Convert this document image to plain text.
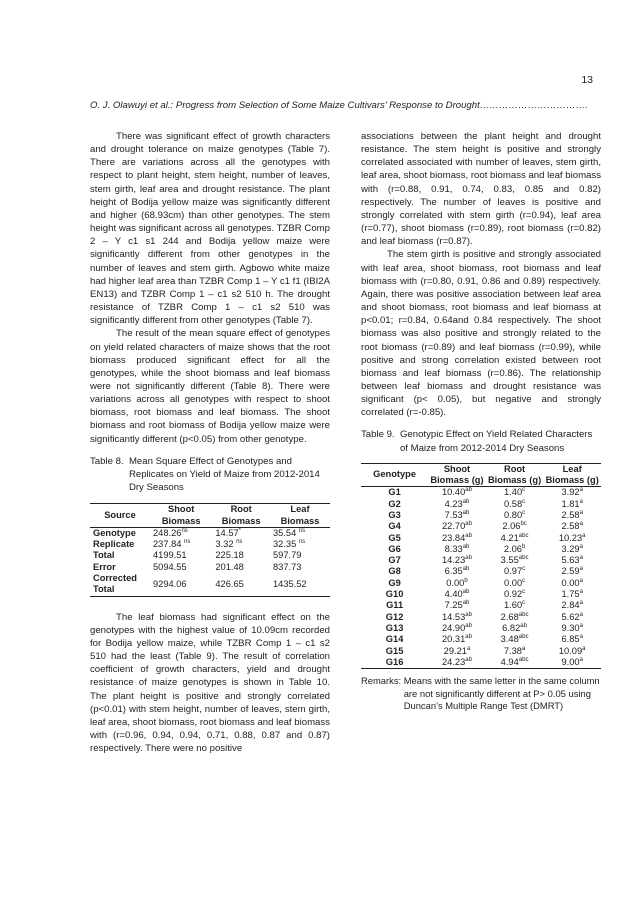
13
O. J. Olawuyi et al.: Progress from Selection of Some Maize Cultivars’ Response to Drought…………………………….

There was significant effect of growth characters and drought tolerance on maize genotypes (Table 7). There are variations across all the genotypes with respect to plant height, stem height, number of leaves, stem girth, leaf area and drought resistance. The plant height of Bodija yellow maize was significantly different and higher (68.93cm) than other genotypes. The stem height was significant across all genotypes. TZBR Comp 2 – Y c1 s1 244 and Bodija yellow maize were significantly different from other genotypes in the number of leaves and stem girth. Agbowo white maize had higher leaf area than TZBR Comp 1 – Y c1 f1 (IBI2A EN13) and TZBR Comp 1 – c1 s2 510 h. The drought resistance of TZBR Comp 1 – c1 s2 510 was significantly different from other genotypes (Table 7).

The result of the mean square effect of genotypes on yield related characters of maize shows that the root biomass produced significant effect for all the genotypes, while the shoot biomass and leaf biomass were not significantly different (Table 8). There were variations across all genotypes with respect to shoot biomass, root biomass and leaf biomass. The shoot biomass and root biomass of Bodija yellow maize were significantly different (p<0.05) from other genotype.

Table 8. Mean Square Effect of Genotypes and Replicates on Yield of Maize from 2012-2014 Dry Seasons
Source	Shoot Biomass	Root Biomass	Leaf Biomass
Genotype	$248.26^{ns}$	14.57*	35.54 $^{ns}$
Replicate	237.84 $^{ns}$	3.32 $^{ns}$	32.35 $^{ns}$
Total	4199.51	225.18	597.79
Error	5094.55	201.48	837.73
Corrected Total	9294.06	426.65	1435.52

The leaf biomass had significant effect on the genotypes with the highest value of 10.09cm recorded for Bodija yellow maize, while TZBR Comp 1 – c1 s2 510 had the least (Table 9). The result of correlation coefficient of growth characters, yield and drought resistance of maize genotypes is shown in Table 10. The plant height is positive and strongly correlated (p<0.01) with stem height, number of leaves, stem girth, leaf area, shoot biomass, root biomass and leaf biomass with (r=0.96, 0.94, 0.94, 0.71, 0.88, 0.87 and 0.87) respectively. There were no positive

associations between the plant height and drought resistance. The stem height is positive and strongly correlated associated with number of leaves, stem girth, leaf area, shoot biomass, root biomass and leaf biomass with (r=0.88, 0.91, 0.74, 0.83, 0.85 and 0.82) respectively. The number of leaves is positive and strongly correlated with stem girth (r=0.94), leaf area (r=0.77), shoot biomass (r=0.89), root biomass (r=0.82) and leaf biomass (r=0.87).

The stem girth is positive and strongly associated with leaf area, shoot biomass, root biomass and leaf biomass with (r=0.80, 0.91, 0.86 and 0.89) respectively. Again, there was positive association between leaf area and shoot biomass, root biomass and leaf biomass at p<0.01; r=0.84, 0.64and 0.84 respectively. The shoot biomass was also positive and strongly related to the root biomass (r=0.89) and leaf biomass (r=0.99), while positive and strong correlation existed between root biomass and leaf biomass (r=0.86). The relationship between leaf biomass and drought resistance was significant (p< 0.05), but negative and strongly correlated (r=-0.85).

Table 9. Genotypic Effect on Yield Related Characters of Maize from 2012-2014 Dry Seasons
Genotype	Shoot Biomass (g)	Root Biomass (g)	Leaf Biomass (g)
G1	10.40$^{ab}$	1.40$^c$	3.92$^a$
G2	4.23$^{ab}$	0.58$^c$	1.81$^a$
G3	7.53$^{ab}$	0.80$^c$	2.58$^a$
G4	22.70$^{ab}$	2.06$^{bc}$	2.58$^a$
G5	23.84$^{ab}$	4.21$^{abc}$	10.23$^a$
G6	8.33$^{ab}$	2.06$^b$	3.29$^a$
G7	14.23$^{ab}$	3.55$^{abc}$	5.63$^a$
G8	6.35$^{ab}$	0.97$^c$	2.59$^a$
G9	0.00$^b$	0.00$^c$	0.00$^a$
G10	4.40$^{ab}$	0.92$^c$	1.75$^a$
G11	7.25$^{ab}$	1.60$^c$	2.84$^a$
G12	14.53$^{ab}$	2.68$^{abc}$	5.62$^a$
G13	24.90$^{ab}$	6.82$^{ab}$	9.30$^a$
G14	20.31$^{ab}$	3.48$^{abc}$	6.85$^a$
G15	29.21$^a$	7.38$^a$	10.09$^a$
G16	24.23$^{ab}$	4.94$^{abc}$	9.00$^a$
Remarks: Means with the same letter in the same column are not significantly different at P> 0.05 using Duncan’s Multiple Range Test (DMRT)
